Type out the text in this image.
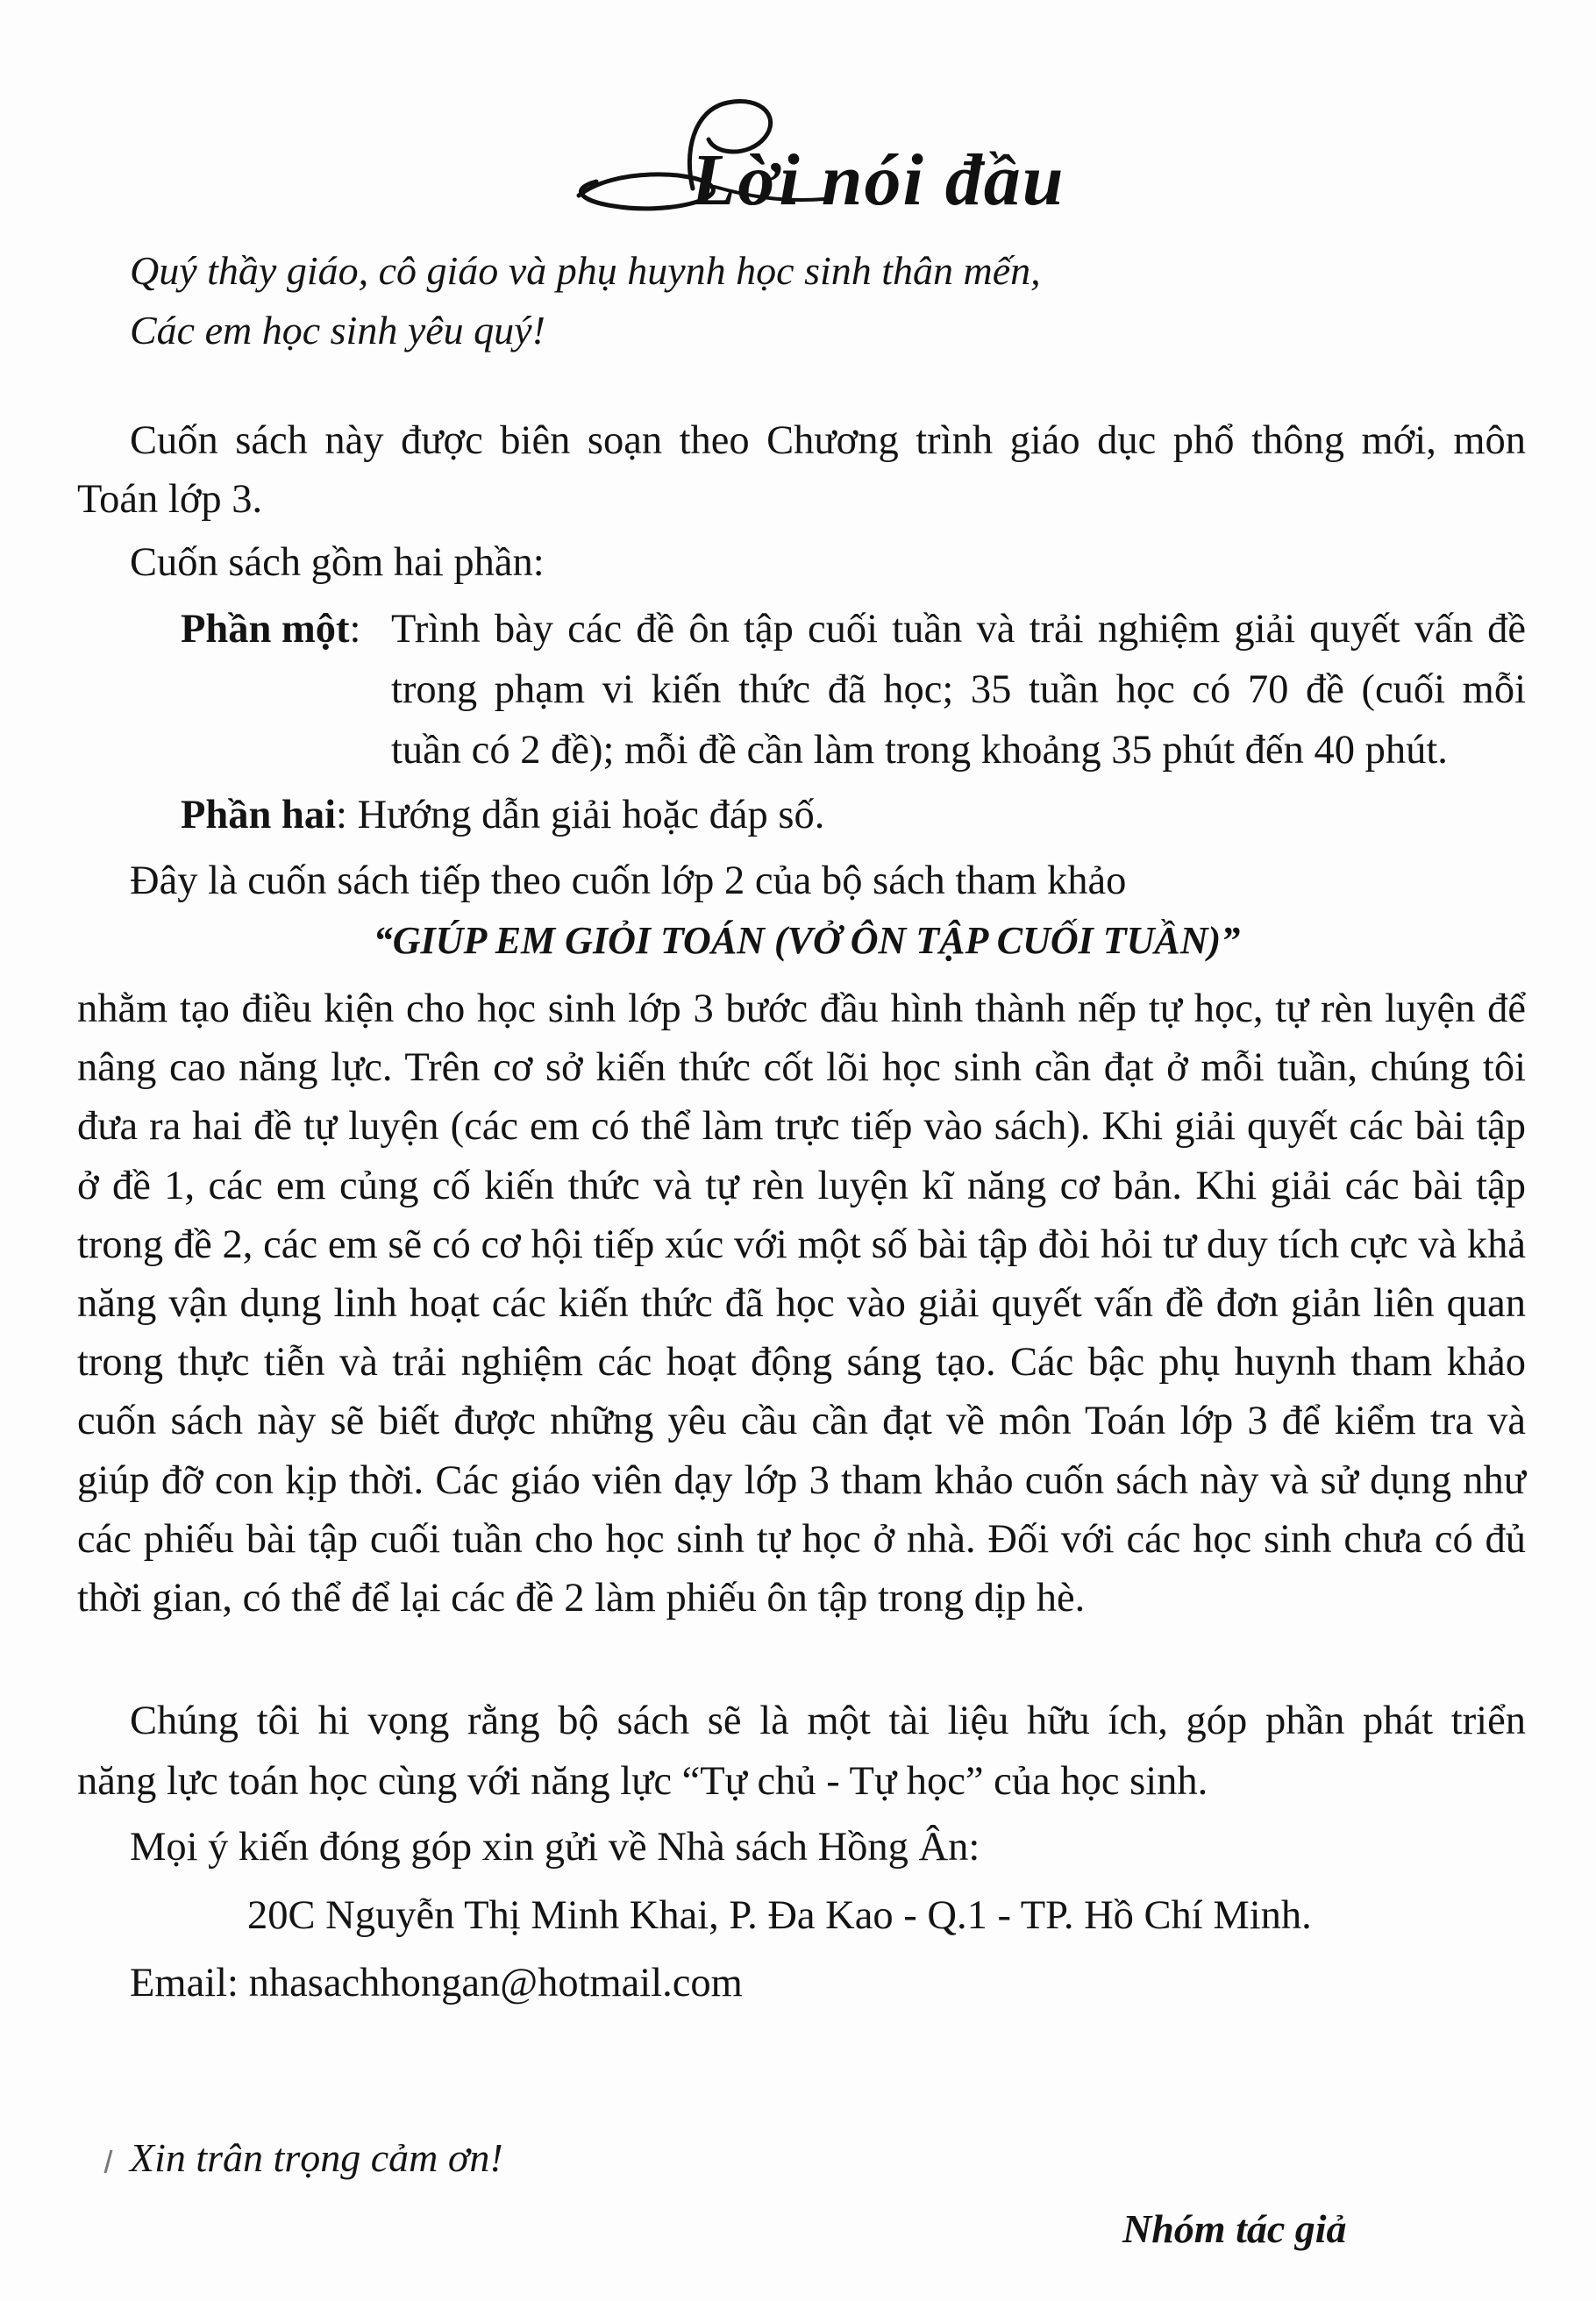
Lời nói đầu
Quý thầy giáo, cô giáo và phụ huynh học sinh thân mến,
Các em học sinh yêu quý!
Cuốn sách này được biên soạn theo Chương trình giáo dục phổ thông mới, môn
Toán lớp 3.
Cuốn sách gồm hai phần:
Phần một: Trình bày các đề ôn tập cuối tuần và trải nghiệm giải quyết vấn đề
trong phạm vi kiến thức đã học; 35 tuần học có 70 đề (cuối mỗi
tuần có 2 đề); mỗi đề cần làm trong khoảng 35 phút đến 40 phút.
Phần hai: Hướng dẫn giải hoặc đáp số.
Đây là cuốn sách tiếp theo cuốn lớp 2 của bộ sách tham khảo
“GIÚP EM GIỎI TOÁN (VỞ ÔN TẬP CUỐI TUẦN)”
nhằm tạo điều kiện cho học sinh lớp 3 bước đầu hình thành nếp tự học, tự rèn luyện để nâng cao năng lực. Trên cơ sở kiến thức cốt lõi học sinh cần đạt ở mỗi tuần, chúng tôi đưa ra hai đề tự luyện (các em có thể làm trực tiếp vào sách). Khi giải quyết các bài tập ở đề 1, các em củng cố kiến thức và tự rèn luyện kĩ năng cơ bản. Khi giải các bài tập trong đề 2, các em sẽ có cơ hội tiếp xúc với một số bài tập đòi hỏi tư duy tích cực và khả năng vận dụng linh hoạt các kiến thức đã học vào giải quyết vấn đề đơn giản liên quan trong thực tiễn và trải nghiệm các hoạt động sáng tạo. Các bậc phụ huynh tham khảo cuốn sách này sẽ biết được những yêu cầu cần đạt về môn Toán lớp 3 để kiểm tra và giúp đỡ con kịp thời. Các giáo viên dạy lớp 3 tham khảo cuốn sách này và sử dụng như các phiếu bài tập cuối tuần cho học sinh tự học ở nhà. Đối với các học sinh chưa có đủ thời gian, có thể để lại các đề 2 làm phiếu ôn tập trong dịp hè.
Chúng tôi hi vọng rằng bộ sách sẽ là một tài liệu hữu ích, góp phần phát triển
năng lực toán học cùng với năng lực “Tự chủ - Tự học” của học sinh.
Mọi ý kiến đóng góp xin gửi về Nhà sách Hồng Ân:
20C Nguyễn Thị Minh Khai, P. Đa Kao - Q.1 - TP. Hồ Chí Minh.
Email: nhasachhongan@hotmail.com
Xin trân trọng cảm ơn!
Nhóm tác giả
